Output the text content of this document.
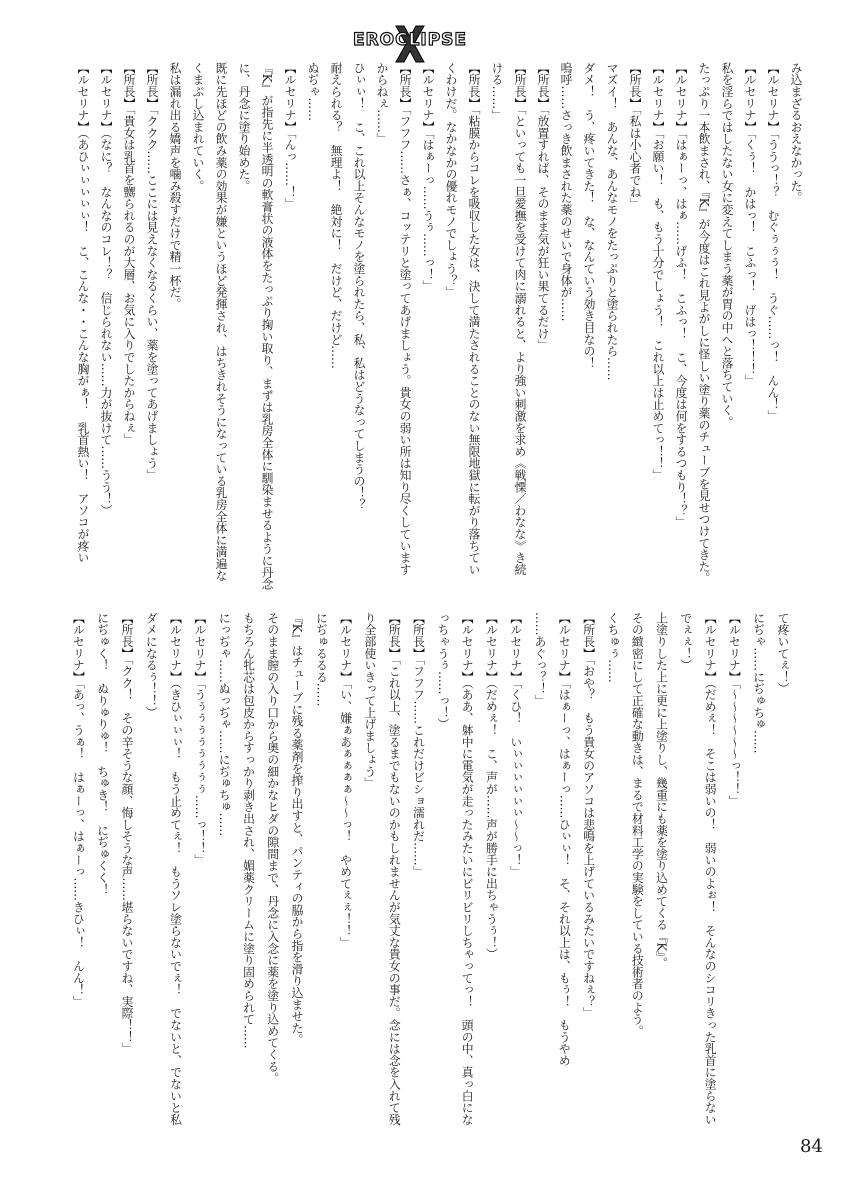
EROCLIPSE

み込まざるおえなかった。

【ルセリナ】「ううっ！？　むぐぅぅぅ！　うぐ……っ！　んん！」

【ルセリナ】「くぅ！　かはっ！　こふっ！　げはっ！！！」

私を淫らではしたない女に変えてしまう薬が胃の中へと落ちていく。

たっぷり一本飲まされ、『K』が今度はこれ見よがしに怪しい塗り薬のチューブを見せつけてきた。

【ルセリナ】「はぁーっ、はぁ……げふ！　こふっ！　こ、今度は何をするつもり！？」

【ルセリナ】「お願い！　も、もう十分でしょう！　これ以上は止めてっ！！」

【所長】「私は小心者でね」

マズイ！　あんな、あんなモノをたっぷりと塗られたら……

ダメ！　う、疼いてきた！　な、なんていう効き目なの！

嗚呼……さっき飲まされた薬のせいで身体が……

【所長】「放置すれば、そのまま気が狂い果てるだけ」

【所長】「といっても一旦愛撫を受けて肉に溺れると、より強い刺激を求め《戦慄／わなな》き続

ける……」

【所長】「粘膜からコレを吸収した女は、決して満たされることのない無限地獄に転がり落ちてい

くわけだ。なかなかの優れモノでしょう？」

【ルセリナ】「はぁーっ……うぅ……っ！」

【所長】「フフフ……さぁ、コッテリと塗ってあげましょう。貴女の弱い所は知り尽くしています

からねぇ……」

ひぃぃ！　こ、これ以上そんなモノを塗られたら、私、私はどうなってしまうの！？

耐えられる？　無理よ！　絶対に！　だけど、だけど……

ぬぢゃ……

【ルセリナ】「んっ……！」

『K』が指先に半透明の軟膏状の液体をたっぷり掬い取り、まずは乳房全体に馴染ませるように丹念

に、丹念に塗り始めた。

既に先ほどの飲み薬の効果が嫌というほど発揮され、はちきれそうになっている乳房全体に満遍な

くまぶし込まれていく。

私は漏れ出る嬌声を噛み殺すだけで精一杯だ。

【所長】「ククク……ここには見えなくなるくらい、薬を塗ってあげましょう」

【所長】「貴女は乳首を嬲られるのが大層、お気に入りでしたからねぇ」

【ルセリナ】（なに？　なんなのコレ！？　信じられない……力が抜けて……うう！）

【ルセリナ】（あひぃぃぃぃぃ！　こ、こんな・・こんな胸がぁ！　乳首熱い！　アソコが疼い

て疼いてぇ！）

にぢゃ……にぢゅちゅ……

【ルセリナ】「～～～～～～っ！！」

【ルセリナ】（だめぇ！　そこは弱いの！　弱いのよぉ！　そんなのシコリきった乳首に塗らない

でぇぇ！）

上塗りした上に更に上塗りし、幾重にも薬を塗り込めてくる『K』。

その緻密にして正確な動きは、まるで材料工学の実験をしている技術者のよう。

くちゅぅ……

【所長】「おや？　もう貴女のアソコは悲鳴を上げているみたいですねぇ？」

【ルセリナ】「はぁーっ、はぁーっ……ひぃぃ！　そ、それ以上は、もぅ！　もうやめ

……あぐっ？！」

【ルセリナ】「くひ！　いぃぃぃぃぃぃ～～っ！」

【ルセリナ】（だめぇ！　こ、声が……声が勝手に出ちゃうぅ！）

【ルセリナ】（ああ、躰中に電気が走ったみたいにビリビリしちゃってっ！　頭の中、真っ白にな

っちゃうぅ……っ！）

【所長】「フフフ……これだけビショ濡れだ……」

【所長】「これ以上、塗るまでもないのかもしれませんが気丈な貴女の事だ。念には念を入れて残

り全部使いきって上げましょう」

【ルセリナ】「い、嫌ぁあぁぁぁぁ～～っ！　やめてぇぇ！！」

にぢゅるるる……

『K』はチューブに残る薬剤を搾り出すと、パンティの脇から指を滑り込ませた。

そのまま膣の入り口から奥の細かなヒダの隙間まで、丹念に入念に薬を塗り込めてくる。

もちろん牝芯は包皮からすっかり剥き出され、媚薬クリームに塗り固められて……

にっぢゃ……ぬっぢゃ……にぢゅちゅ……

【ルセリナ】「うぅぅぅぅぅぅぅぅ……っ！！」

【ルセリナ】（きひぃぃぃ！　もう止めてぇ！　もうソレ塗らないでぇ！　でないと、でないと私

ダメになるぅ！！）

【所長】「クク！　その辛そうな顔、悔しそうな声……堪らないですね、実際！！」

にぢゅく！　ぬりゅりゅ！　ちゅき！　にぢゅくく！

【ルセリナ】「あっ、うぁ！　はぁーっ、はぁーっ……きひぃ！　んん！」

84
